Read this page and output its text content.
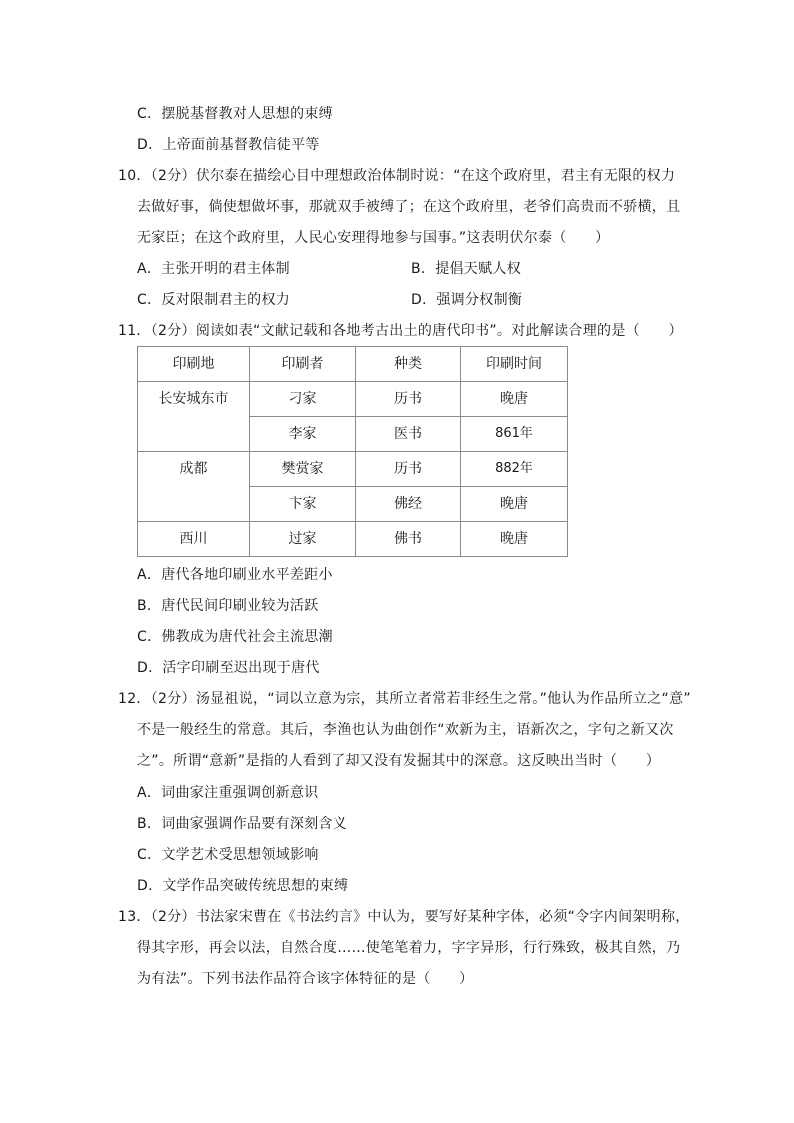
C．摆脱基督教对人思想的束缚
D．上帝面前基督教信徒平等
10．（2分）伏尔泰在描绘心目中理想政治体制时说：“在这个政府里，君主有无限的权力
去做好事，倘使想做坏事，那就双手被缚了；在这个政府里，老爷们高贵而不骄横，且
无家臣；在这个政府里，人民心安理得地参与国事。”这表明伏尔泰（　　）
A．主张开明的君主体制	B．提倡天赋人权
C．反对限制君主的权力	D．强调分权制衡
11．（2分）阅读如表“文献记载和各地考古出土的唐代印书”。对此解读合理的是（　　）
印刷地	印刷者	种类	印刷时间
长安城东市	刁家	历书	晚唐
	李家	医书	861年
成都	樊赏家	历书	882年
	卞家	佛经	晚唐
西川	过家	佛书	晚唐
A．唐代各地印刷业水平差距小
B．唐代民间印刷业较为活跃
C．佛教成为唐代社会主流思潮
D．活字印刷至迟出现于唐代
12．（2分）汤显祖说，“词以立意为宗，其所立者常若非经生之常。”他认为作品所立之“意”
不是一般经生的常意。其后，李渔也认为曲创作“欢新为主，语新次之，字句之新又次
之”。所谓“意新”是指的人看到了却又没有发掘其中的深意。这反映出当时（　　）
A．词曲家注重强调创新意识
B．词曲家强调作品要有深刻含义
C．文学艺术受思想领域影响
D．文学作品突破传统思想的束缚
13．（2分）书法家宋曹在《书法约言》中认为，要写好某种字体，必须“令字内间架明称，
得其字形，再会以法，自然合度……使笔笔着力，字字异形，行行殊致，极其自然，乃
为有法”。下列书法作品符合该字体特征的是（　　）
